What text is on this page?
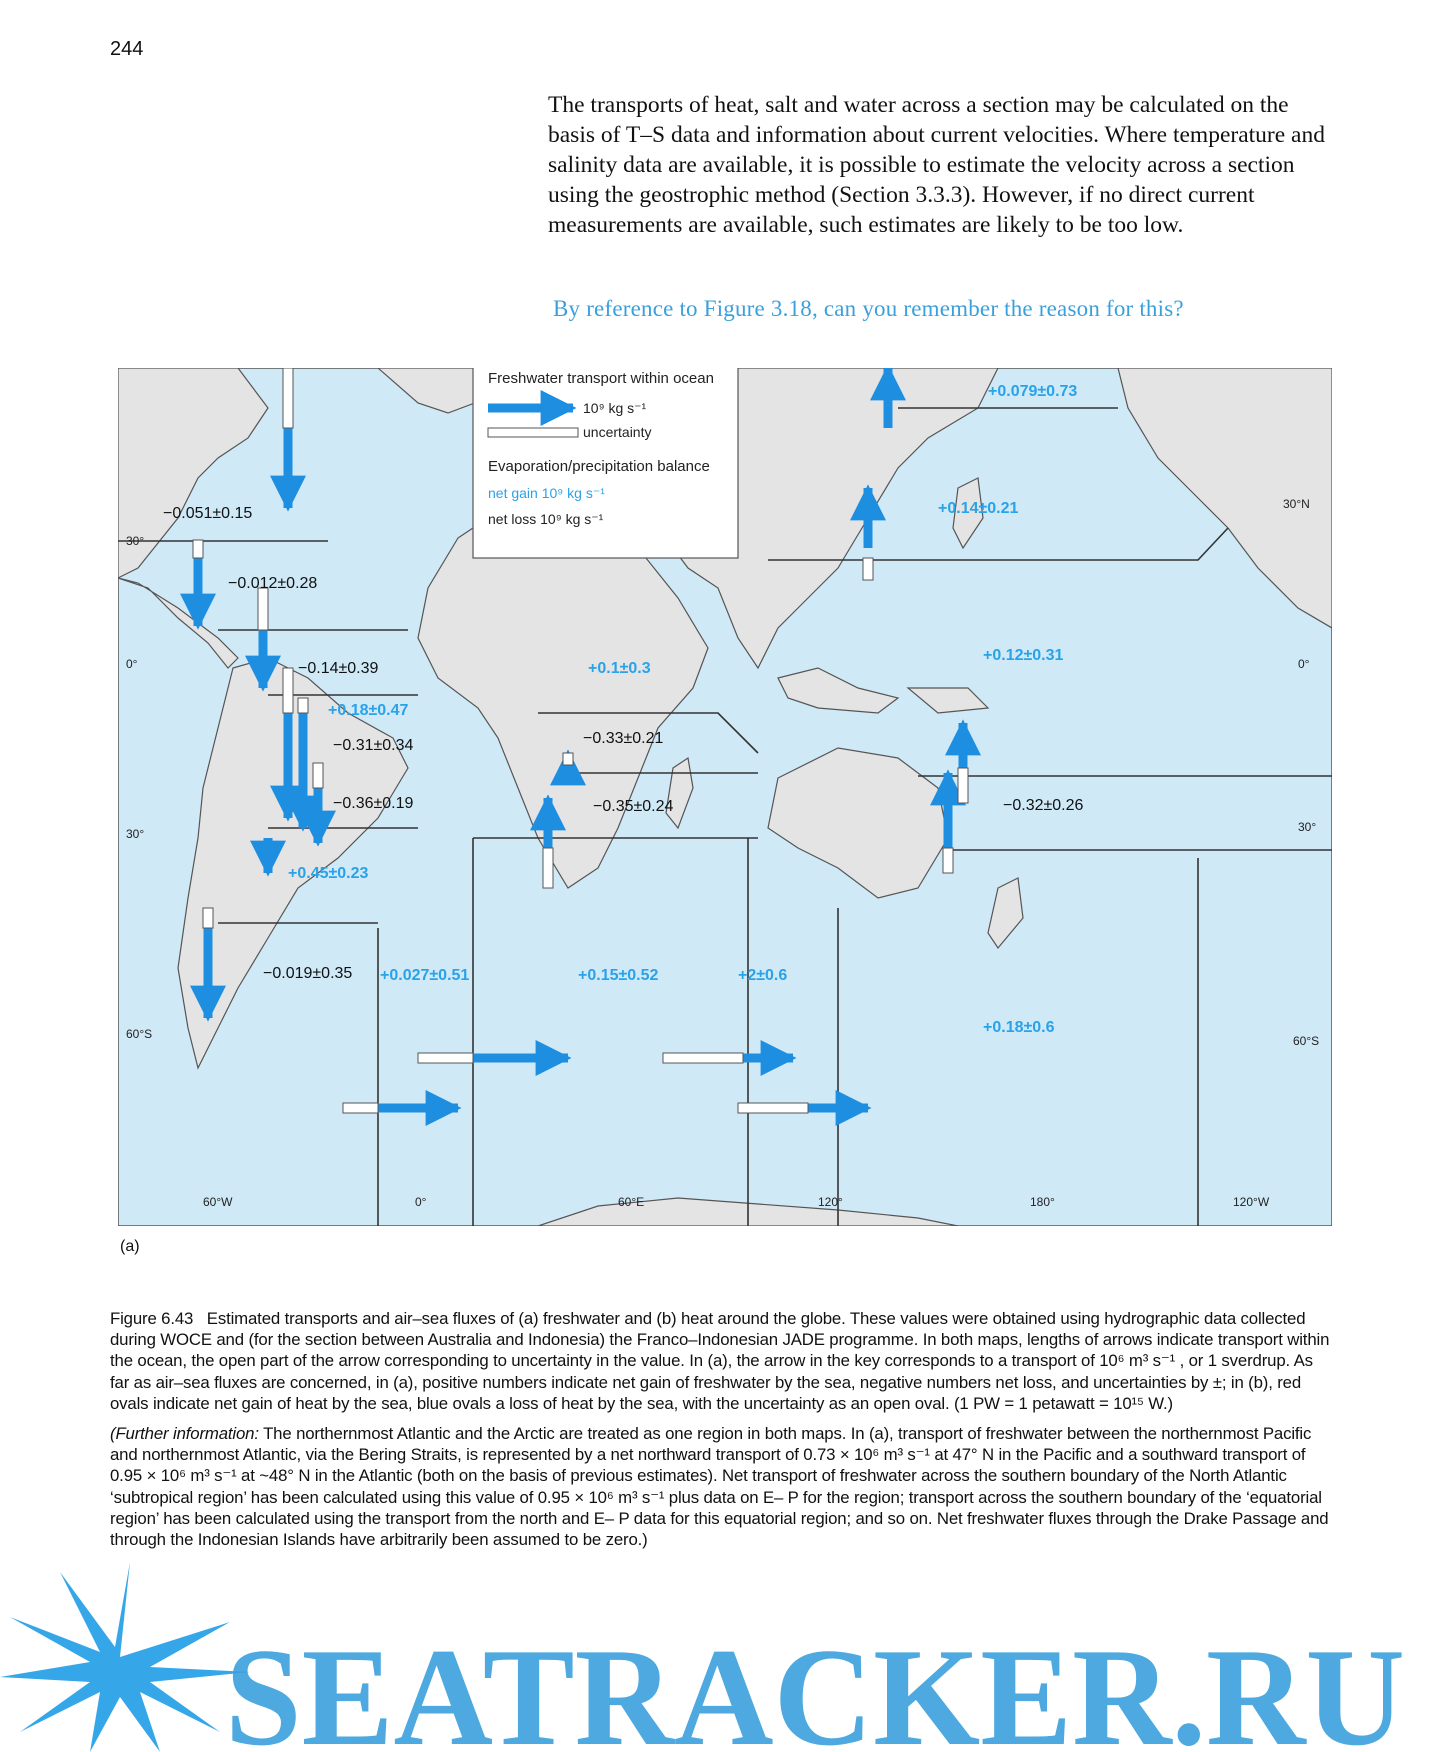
244

The transports of heat, salt and water across a section may be calculated on the basis of T–S data and information about current velocities. Where temperature and salinity data are available, it is possible to estimate the velocity across a section using the geostrophic method (Section 3.3.3). However, if no direct current measurements are available, such estimates are likely to be too low.

By reference to Figure 3.18, can you remember the reason for this?
Freshwater transport within ocean
10⁹ kg s⁻¹
uncertainty
Evaporation/precipitation balance
net gain 10⁹ kg s⁻¹
net loss 10⁹ kg s⁻¹
−0.051±0.15
−0.012±0.28
−0.14±0.39
+0.18±0.47
−0.31±0.34
−0.36±0.19
+0.45±0.23
−0.019±0.35 +0.027±0.51	+0.15±0.52	+2±0.6
+0.18±0.6
+0.1±0.3
−0.33±0.21
−0.35±0.24
+0.079±0.73
+0.14±0.21
+0.12±0.31
−0.32±0.26
30°
0°
30°
60°S
30°N
0°
30°
60°S
60°W	0°	60°E	120°	180°	120°W
(a)

Figure 6.43 Estimated transports and air–sea fluxes of (a) freshwater and (b) heat around the globe. These values were obtained using hydrographic data collected during WOCE and (for the section between Australia and Indonesia) the Franco–Indonesian JADE programme. In both maps, lengths of arrows indicate transport within the ocean, the open part of the arrow corresponding to uncertainty in the value. In (a), the arrow in the key corresponds to a transport of 10⁶ m³ s⁻¹ , or 1 sverdrup. As far as air–sea fluxes are concerned, in (a), positive numbers indicate net gain of freshwater by the sea, negative numbers net loss, and uncertainties by ±; in (b), red ovals indicate net gain of heat by the sea, blue ovals a loss of heat by the sea, with the uncertainty as an open oval. (1 PW = 1 petawatt = 10¹⁵ W.)

(Further information: The northernmost Atlantic and the Arctic are treated as one region in both maps. In (a), transport of freshwater between the northernmost Pacific and northernmost Atlantic, via the Bering Straits, is represented by a net northward transport of 0.73 × 10⁶ m³ s⁻¹ at 47° N in the Pacific and a southward transport of 0.95 × 10⁶ m³ s⁻¹ at ~48° N in the Atlantic (both on the basis of previous estimates). Net transport of freshwater across the southern boundary of the North Atlantic ‘subtropical region’ has been calculated using this value of 0.95 × 10⁶ m³ s⁻¹ plus data on E– P for the region; transport across the southern boundary of the ‘equatorial region’ has been calculated using the transport from the north and E– P data for this equatorial region; and so on. Net freshwater fluxes through the Drake Passage and through the Indonesian Islands have arbitrarily been assumed to be zero.)

SEATRACKER.RU
